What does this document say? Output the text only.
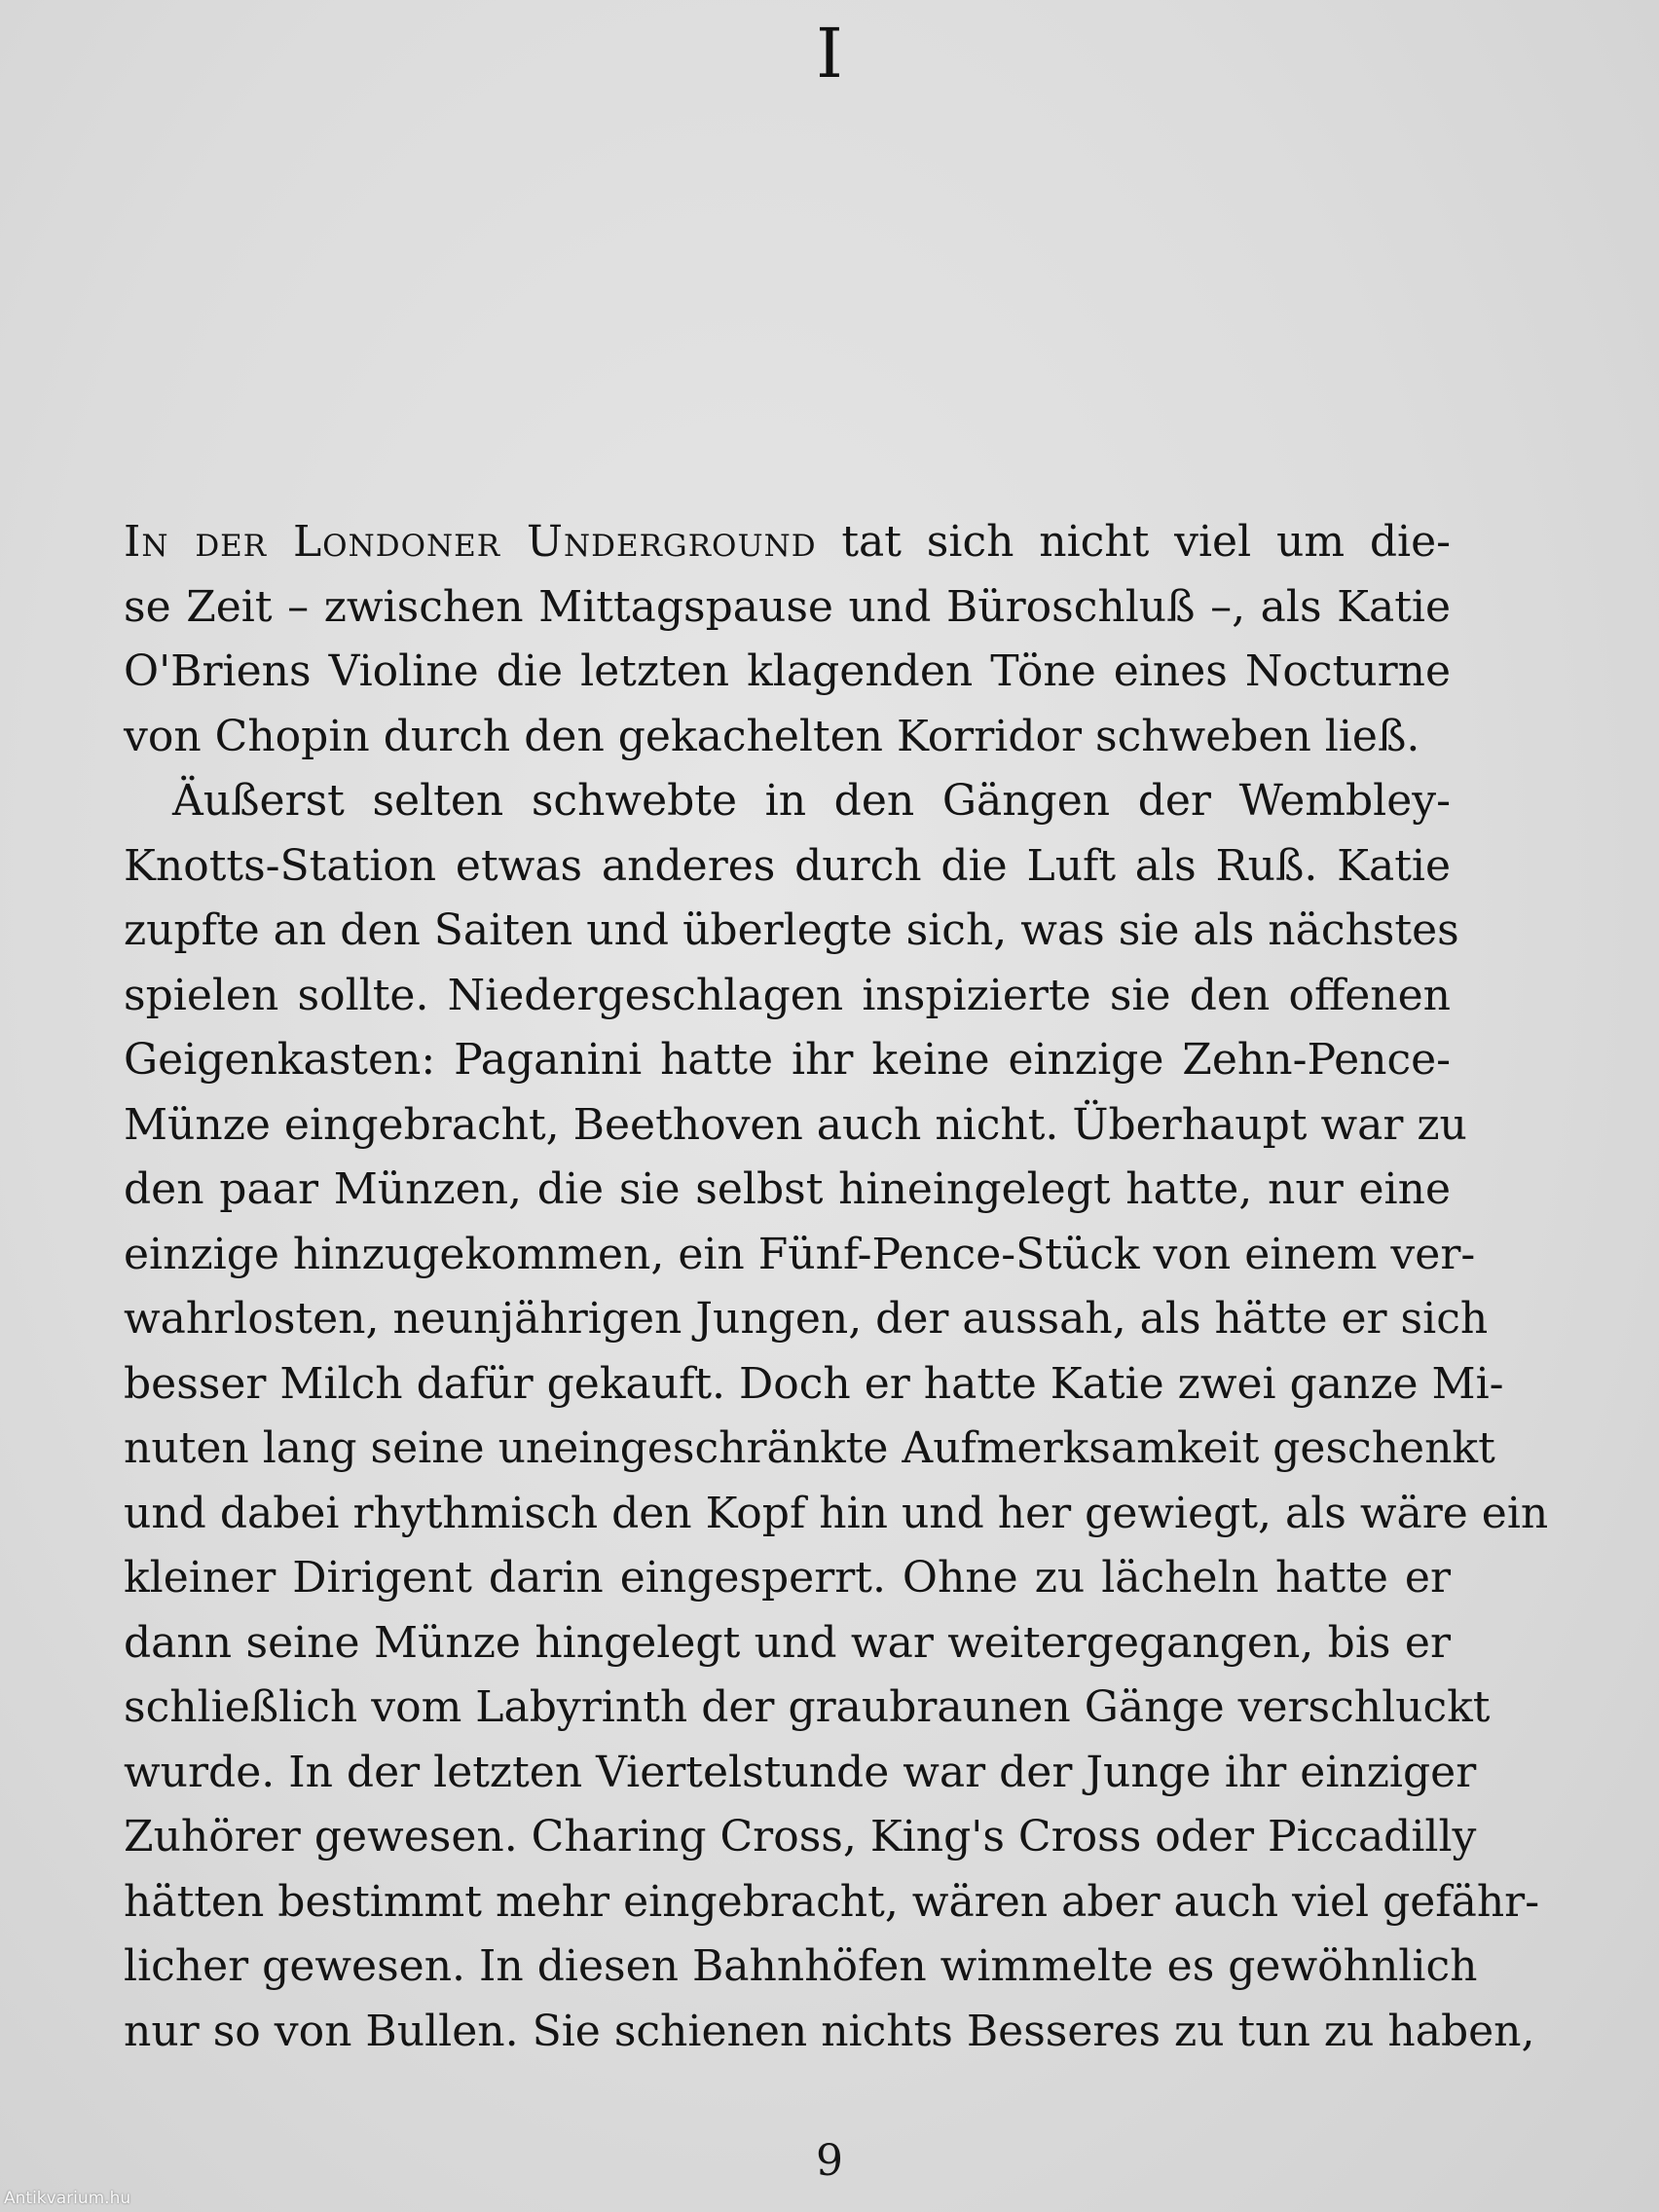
I

In der Londoner Underground tat sich nicht viel um die-
se Zeit – zwischen Mittagspause und Büroschluß –, als Katie
O'Briens Violine die letzten klagenden Töne eines Nocturne
von Chopin durch den gekachelten Korridor schweben ließ.

Äußerst selten schwebte in den Gängen der Wembley-
Knotts-Station etwas anderes durch die Luft als Ruß. Katie
zupfte an den Saiten und überlegte sich, was sie als nächstes
spielen sollte. Niedergeschlagen inspizierte sie den offenen
Geigenkasten: Paganini hatte ihr keine einzige Zehn-Pence-
Münze eingebracht, Beethoven auch nicht. Überhaupt war zu
den paar Münzen, die sie selbst hineingelegt hatte, nur eine
einzige hinzugekommen, ein Fünf-Pence-Stück von einem ver-
wahrlosten, neunjährigen Jungen, der aussah, als hätte er sich
besser Milch dafür gekauft. Doch er hatte Katie zwei ganze Mi-
nuten lang seine uneingeschränkte Aufmerksamkeit geschenkt
und dabei rhythmisch den Kopf hin und her gewiegt, als wäre ein
kleiner Dirigent darin eingesperrt. Ohne zu lächeln hatte er
dann seine Münze hingelegt und war weitergegangen, bis er
schließlich vom Labyrinth der graubraunen Gänge verschluckt
wurde. In der letzten Viertelstunde war der Junge ihr einziger
Zuhörer gewesen. Charing Cross, King's Cross oder Piccadilly
hätten bestimmt mehr eingebracht, wären aber auch viel gefähr-
licher gewesen. In diesen Bahnhöfen wimmelte es gewöhnlich
nur so von Bullen. Sie schienen nichts Besseres zu tun zu haben,

9
Antikvarium.hu
